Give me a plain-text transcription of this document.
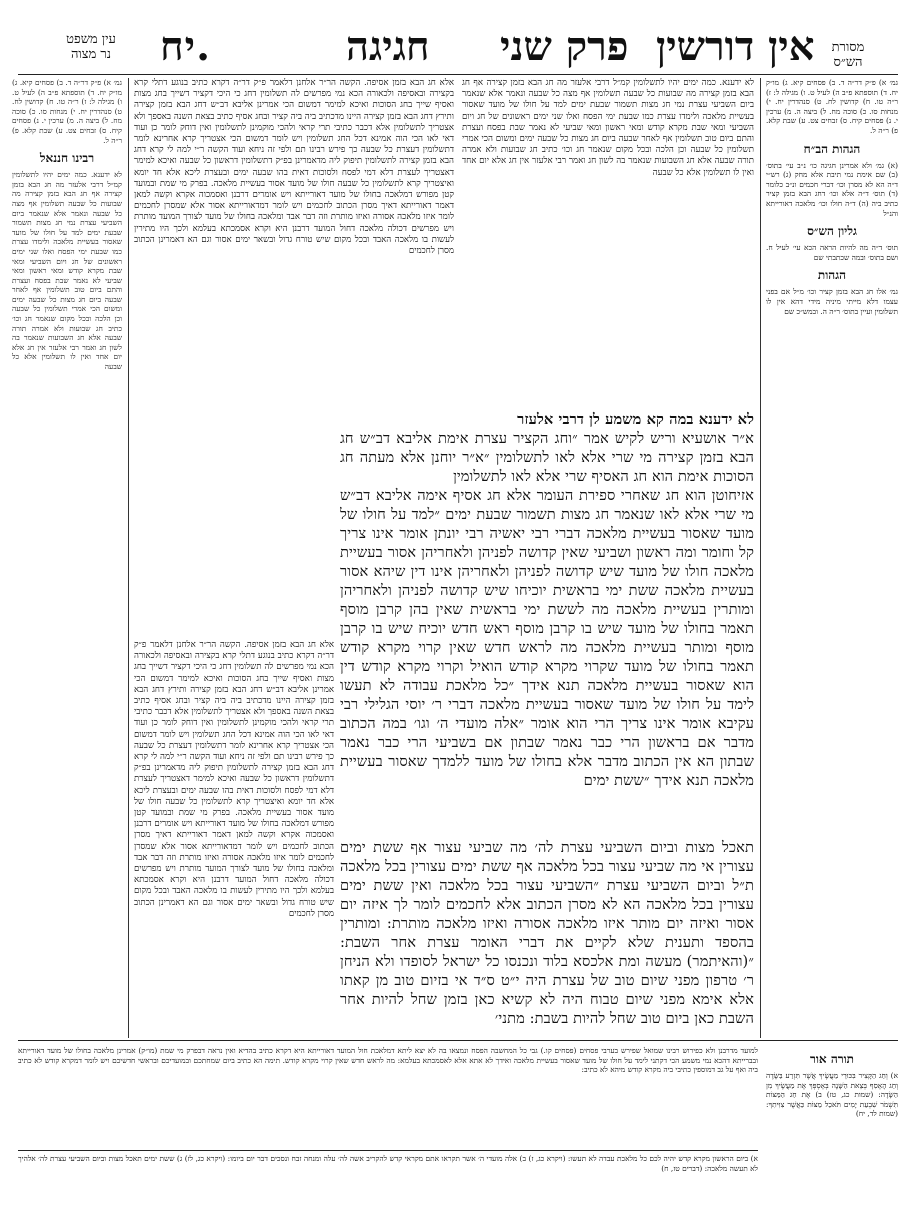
עין משפט
נר מצוה	יח.	חגיגה פרק שני אין דורשין	מסורת
הש״ס

גמ׳ א) פ״ק דר״ה ד. ב) פסחים קיא. ג) מו״ק יח. ד) תוספתא פ״ב ה) לעיל ט. ו) מגילה ל: ז) ר״ה טו. ח) קדושין לח. ט) סנהדרין יח. י) מנחות סו. כ) סוכה מח. ל) ביצה ה. מ) ערכין י. נ) פסחים קיח. ס) זבחים צט. ע) שבת קלא. פ) ר״ה ל.

רבינו חננאל

לא ידענא. כמה ימים יהיו לתשלומין קמ״ל דרבי אלעזר מה חג הבא בזמן קצירה אף חג הבא בזמן קצירה מה שבועות כל שבעה תשלומין אף מצה כל שבעה ונאמר אלא שנאמר ביום השביעי עצרת נמי חג מצות תשמור שבעת ימים למד על חולו של מועד שאסור בעשיית מלאכה ולימדו עצרת כמו שבעת ימי הפסח ואלו שני ימים ראשונים של חג ויום השביעי ומאי שבת מקרא קודש ומאי ראשון ומאי שביעי לא נאמר שבת בפסח ועצרת והתם ביום טוב תשלומין אף לאחר שבעה ביום חג מצות כל שבעה ימים ומשום הכי אמרי תשלומין כל שבעה וכן הלכה ובכל מקום שנאמר חג וכו׳ כתיב חג שבועות ולא אמרה תורה שבעה אלא חג השבועות שנאמר בה לשון חג ואמר רבי אלעזר אין חג אלא יום אחד ואין לו תשלומין אלא כל שבעה

אלא חג הבא בזמן אסיפה. הקשה הר״ר אלחנן דלאמר פ״ק דר״ה דקרא כתיב בנוגע דתלי קרא בקצירה ובאסיפה ולכאורה הכא נמי מפרשים לה תשלומין דחג כי היכי דקציר דשייך בחג מצות ואסיף שייך בחג הסוכות ואיכא למימר דמשום הכי אמרינן אליבא דב״ש דחג הבא בזמן קצירה ותירץ דחג הבא בזמן קצירה היינו מדכתיב ביה ביה קציר ובחג אסיף כתיב בצאת השנה באספך ולא אצטריך לתשלומין אלא דכבר כתיבי תרי קראי ולהכי מוקמינן לתשלומין ואין דוחק לומר כן ועוד דאי לאו הכי הוה אמינא דכל החג תשלומין ויש לומר דמשום הכי אצטריך קרא אחרינא לומר דתשלומין דעצרת כל שבעה כך פירש רבינו תם ולפי זה ניחא ועוד הקשה ר״י למה לי קרא דחג הבא בזמן קצירה לתשלומין תיפוק ליה מדאמרינן בפ״ק דתשלומין דראשון כל שבעה ואיכא למימר דאצטריך לעצרת דלא דמי לפסח ולסוכות דאית בהו שבעה ימים ובעצרת ליכא אלא חד יומא ואיצטריך קרא לתשלומין כל שבעה חולו של מועד אסור בעשיית מלאכה. בפרק מי שמת ובמועד קטן מפורש דמלאכה בחולו של מועד דאורייתא ויש אומרים דרבנן ואסמכוה אקרא וקשה למאן דאמר דאורייתא דאיך מסרן הכתוב לחכמים ויש לומר דמדאורייתא אסור אלא שמסרן לחכמים לומר איזו מלאכה אסורה ואיזו מותרת וזה דבר אבד ומלאכה בחולו של מועד לצורך המועד מותרת ויש מפרשים דכולה מלאכה דחול המועד דרבנן היא וקרא אסמכתא בעלמא ולכך היו מתירין לעשות בו מלאכה האבד ובכל מקום שיש טורח גדול ובשאר ימים אסור וגם הא דאמרינן הכתוב מסרן לחכמים

לא ידענא. כמה ימים יהיו לתשלומין קמ״ל דרבי אלעזר מה חג הבא בזמן קצירה אף חג הבא בזמן קצירה מה שבועות כל שבעה תשלומין אף מצה כל שבעה ונאמר אלא שנאמר ביום השביעי עצרת נמי חג מצות תשמור שבעת ימים למד על חולו של מועד שאסור בעשיית מלאכה ולימדו עצרת כמו שבעת ימי הפסח ואלו שני ימים ראשונים של חג ויום השביעי ומאי שבת מקרא קודש ומאי ראשון ומאי שביעי לא נאמר שבת בפסח ועצרת והתם ביום טוב תשלומין אף לאחר שבעה ביום חג מצות כל שבעה ימים ומשום הכי אמרי תשלומין כל שבעה וכן הלכה ובכל מקום שנאמר חג וכו׳ כתיב חג שבועות ולא אמרה תורה שבעה אלא חג השבועות שנאמר בה לשון חג ואמר רבי אלעזר אין חג אלא יום אחד ואין לו תשלומין אלא כל שבעה

לא ידענא במה קא משמע לן דרבי אלעזר

א״ר אושעיא וריש לקיש אמר ״וחג הקציר עצרת אימת אליבא דב״ש חג הבא בזמן קצירה מי שרי אלא לאו לתשלומין ״א״ר יוחנן אלא מעתה חג הסוכות אימת הוא חג האסיף שרי אלא לאו לתשלומין

אזיחוטן הוא חג שאחרי ספירת העומר אלא חג אסיף אימה אליבא דב״ש מי שרי אלא לאו שנאמר חג מצות תשמור שבעת ימים ״למד על חולו של מועד שאסור בעשיית מלאכה דברי רבי יאשיה רבי יונתן אומר אינו צריך קל וחומר ומה ראשון ושביעי שאין קדושה לפניהן ולאחריהן אסור בעשיית מלאכה חולו של מועד שיש קדושה לפניהן ולאחריהן אינו דין שיהא אסור בעשיית מלאכה ששת ימי בראשית יוכיחו שיש קדושה לפניהן ולאחריהן ומותרין בעשיית מלאכה מה לששת ימי בראשית שאין בהן קרבן מוסף תאמר בחולו של מועד שיש בו קרבן מוסף ראש חדש יוכיח שיש בו קרבן מוסף ומותר בעשיית מלאכה מה לראש חדש שאין קרוי מקרא קודש תאמר בחולו של מועד שקרוי מקרא קודש הואיל וקרוי מקרא קודש דין הוא שאסור בעשיית מלאכה תנא אידך ״כל מלאכת עבודה לא תעשו לימד על חולו של מועד שאסור בעשיית מלאכה דברי ר׳ יוסי הגלילי רבי עקיבא אומר אינו צריך הרי הוא אומר ״אלה מועדי ה׳ וגו׳ במה הכתוב מדבר אם בראשון הרי כבר נאמר שבתון אם בשביעי הרי כבר נאמר שבתון הא אין הכתוב מדבר אלא בחולו של מועד ללמדך שאסור בעשיית מלאכה תנא אידך ״ששת ימים

תאכל מצות וביום השביעי עצרת לה׳ מה שביעי עצור אף ששת ימים עצורין אי מה שביעי עצור בכל מלאכה אף ששת ימים עצורין בכל מלאכה ת״ל וביום השביעי עצרת ״השביעי עצור בכל מלאכה ואין ששת ימים עצורין בכל מלאכה הא לא מסרן הכתוב אלא לחכמים לומר לך איזה יום אסור ואיזה יום מותר איזו מלאכה אסורה ואיזו מלאכה מותרת: ומותרין בהספד ותענית שלא לקיים את דברי האומר עצרת אחר השבת: ״(והאיתמר) מעשה ומת אלכסא בלוד ונכנסו כל ישראל לסופדו ולא הניחן ר׳ טרפון מפני שיום טוב של עצרת היה י״ט ס״ד אי בזיום טוב מן קאתו אלא אימא מפני שיום טבוח היה לא קשיא כאן בזמן שחל להיות אחר השבת כאן ביום טוב שחל להיות בשבת: מתני׳

גמ׳ א) פ״ק דר״ה ד. ב) פסחים קיא. ג) מו״ק יח. ד) תוספתא פ״ב ה) לעיל ט. ו) מגילה ל: ז) ר״ה טו. ח) קדושין לח. ט) סנהדרין יח. י) מנחות סו. כ) סוכה מח. ל) ביצה ה. מ) ערכין י. נ) פסחים קיח. ס) זבחים צט. ע) שבת קלא. פ) ר״ה ל.

הגהות הב״ח

(א) גמ׳ ולא אמרינן חגיגה כו׳ נ״ב עי׳ בתוס׳ (ב) שם אימת נמי תיבת אלא מחק (ג) רש״י ד״ה הא לא מסרן וכו׳ דברי חכמים ונ״ב כלומר (ד) תוס׳ ד״ה אלא וכו׳ דחג הבא בזמן קציר כתיב ביה (ה) ד״ה חולו וכו׳ מלאכה דאורייתא והנ״ל

גליון הש״ס

תוס׳ ד״ה מה להיות הראה הכא עי׳ לעיל ח. ושם בתוס׳ ובמה שכתבתי שם

הגהות

גמ׳ אלו חג הבא בזמן קציר וכו׳ מ״ל אם בפני עצמו דלא מייתי מיניה מידי דהא אין לו תשלומין ועיין בתוס׳ ר״ה ה. ובמש״כ שם

אלא חג הבא בזמן אסיפה. הקשה הר״ר אלחנן דלאמר פ״ק דר״ה דקרא כתיב בנוגע דתלי קרא בקצירה ובאסיפה ולכאורה הכא נמי מפרשים לה תשלומין דחג כי היכי דקציר דשייך בחג מצות ואסיף שייך בחג הסוכות ואיכא למימר דמשום הכי אמרינן אליבא דב״ש דחג הבא בזמן קצירה ותירץ דחג הבא בזמן קצירה היינו מדכתיב ביה ביה קציר ובחג אסיף כתיב בצאת השנה באספך ולא אצטריך לתשלומין אלא דכבר כתיבי תרי קראי ולהכי מוקמינן לתשלומין ואין דוחק לומר כן ועוד דאי לאו הכי הוה אמינא דכל החג תשלומין ויש לומר דמשום הכי אצטריך קרא אחרינא לומר דתשלומין דעצרת כל שבעה כך פירש רבינו תם ולפי זה ניחא ועוד הקשה ר״י למה לי קרא דחג הבא בזמן קצירה לתשלומין תיפוק ליה מדאמרינן בפ״ק דתשלומין דראשון כל שבעה ואיכא למימר דאצטריך לעצרת דלא דמי לפסח ולסוכות דאית בהו שבעה ימים ובעצרת ליכא אלא חד יומא ואיצטריך קרא לתשלומין כל שבעה חולו של מועד אסור בעשיית מלאכה. בפרק מי שמת ובמועד קטן מפורש דמלאכה בחולו של מועד דאורייתא ויש אומרים דרבנן ואסמכוה אקרא וקשה למאן דאמר דאורייתא דאיך מסרן הכתוב לחכמים ויש לומר דמדאורייתא אסור אלא שמסרן לחכמים לומר איזו מלאכה אסורה ואיזו מותרת וזה דבר אבד ומלאכה בחולו של מועד לצורך המועד מותרת ויש מפרשים דכולה מלאכה דחול המועד דרבנן היא וקרא אסמכתא בעלמא ולכך היו מתירין לעשות בו מלאכה האבד ובכל מקום שיש טורח גדול ובשאר ימים אסור וגם הא דאמרינן הכתוב מסרן לחכמים

למועד מדרבנן ולא כפירוש רבינו שמואל שפירש בערבי פסחים (פסחים קו.) גבי כל המחשבה הפסח ונמצאו בה לא יצא ליתא דמלאכת חול המועד דאורייתא היא דקרא כתיב בהדיא ואין נראה דבפרק מי שמת (מו״ק) אמרינן מלאכה בחולו של מועד דאורייתא ובברייתא דהכא נמי משמע הכי דקתני לימד על חולו של מועד שאסור בעשיית מלאכה ואידך לא אתא אלא לאסמכתא בעלמא: מה לראש חדש שאין קרוי מקרא קודש. תימה הא כתיב ביום שמחתכם ובמועדיכם ובראשי חדשיכם ויש לומר דמקרא קודש לא כתיב ביה ואף על גב דמוספין כתיבי ביה מקרא קודש מיהא לא כתיב:

תורה אור

א) וְחַג הַקָּצִיר בִּכּוּרֵי מַעֲשֶׂיךָ אֲשֶׁר תִּזְרַע בַּשָּׂדֶה וְחַג הָאָסִף בְּצֵאת הַשָּׁנָה בְּאָסְפְּךָ אֶת מַעֲשֶׂיךָ מִן הַשָּׂדֶה: (שמות כג, טז) ב) אֶת חַג הַמַּצּוֹת תִּשְׁמֹר שִׁבְעַת יָמִים תֹּאכַל מַצּוֹת כַּאֲשֶׁר צִוִּיתִךָ: (שמות לד, יח)

א) ביום הראשון מקרא קדש יהיה לכם כל מלאכת עבדה לא תעשו: (ויקרא כג, ז) ב) אלה מועדי ה׳ אשר תקראו אתם מקראי קדש להקריב אשה לה׳ עלה ומנחה זבח ונסכים דבר יום ביומו: (ויקרא כג, לז) ג) ששת ימים תאכל מצות וביום השביעי עצרת לה׳ אלהיך לא תעשה מלאכה: (דברים טז, ח)
